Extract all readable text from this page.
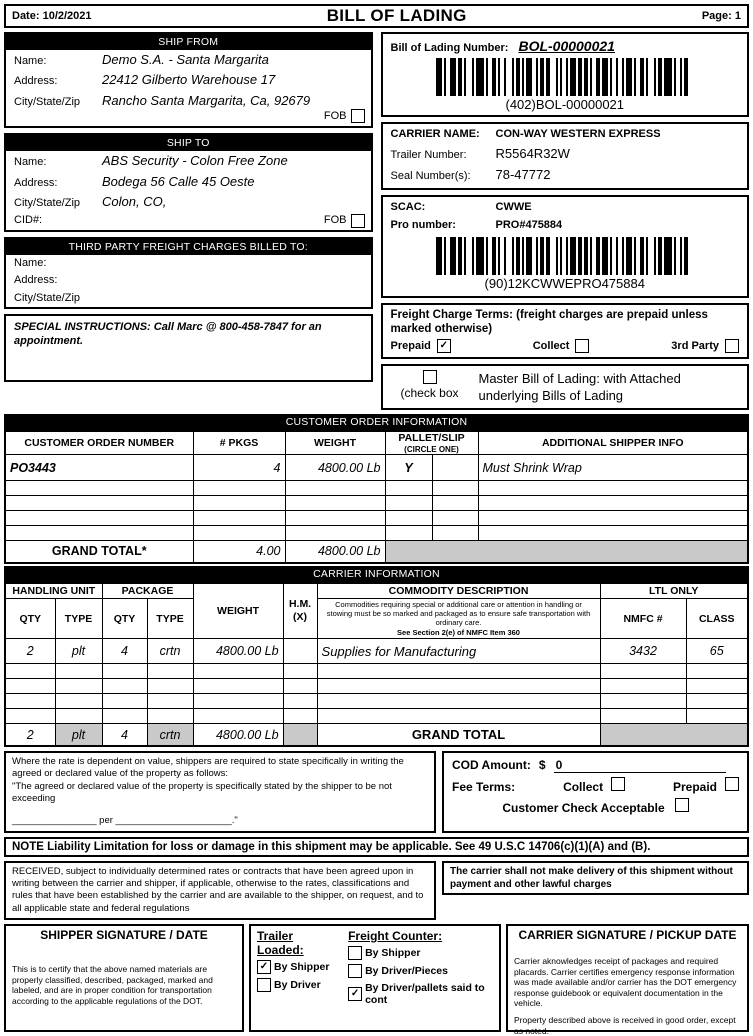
Date: 10/2/2021	BILL OF LADING	Page: 1
SHIP FROM
Name:	Demo S.A. - Santa Margarita
Address:	22412 Gilberto Warehouse 17
City/State/Zip	Rancho Santa Margarita, Ca, 92679
FOB
SHIP TO
Name:	ABS Security - Colon Free Zone
Address:	Bodega 56 Calle 45 Oeste
City/State/Zip	Colon, CO,
CID#:	FOB
THIRD PARTY FREIGHT CHARGES BILLED TO:
Name:
Address:
City/State/Zip
SPECIAL INSTRUCTIONS: Call Marc @ 800-458-7847 for an appointment.
Bill of Lading Number: BOL-00000021
(402)BOL-00000021
CARRIER NAME:	CON-WAY WESTERN EXPRESS
Trailer Number:	R5564R32W
Seal Number(s):	78-47772
SCAC:	CWWE
Pro number:	PRO#475884
(90)12KCWWEPRO475884
Freight Charge Terms: (freight charges are prepaid unless marked otherwise)
Prepaid ✓	Collect	3rd Party
(check box
Master Bill of Lading: with Attached underlying Bills of Lading
CUSTOMER ORDER INFORMATION
CUSTOMER ORDER NUMBER	# PKGS	WEIGHT	PALLET/SLIP
(CIRCLE ONE)		ADDITIONAL SHIPPER INFO
PO3443	4	4800.00 Lb	Y		Must Shrink Wrap

GRAND TOTAL*	4.00	4800.00 Lb			
CARRIER INFORMATION
HANDLING UNIT		PACKAGE		WEIGHT	H.M.
(X)	COMMODITY DESCRIPTION	LTL ONLY	
QTY	TYPE	QTY	TYPE			Commodities requiring special or additional care or attention in handling or stowing must be so marked and packaged as to ensure safe transportation with ordinary care.
See Section 2(e) of NMFC Item 360	NMFC #	CLASS
2	plt	4	crtn	4800.00 Lb		Supplies for Manufacturing	3432	65

2	plt	4	crtn	4800.00 Lb		GRAND TOTAL		
Where the rate is dependent on value, shippers are required to state specifically in writing the agreed or declared value of the property as follows:
"The agreed or declared value of the property is specifically stated by the shipper to be not exceeding
________________ per ______________________."
COD Amount: $ 0
Fee Terms:	Collect	Prepaid
Customer Check Acceptable
NOTE Liability Limitation for loss or damage in this shipment may be applicable. See 49 U.S.C 14706(c)(1)(A) and (B).
RECEIVED, subject to individually determined rates or contracts that have been agreed upon in writing between the carrier and shipper, if applicable, otherwise to the rates, classifications and rules that have been established by the carrier and are available to the shipper, on request, and to all applicable state and federal regulations
The carrier shall not make delivery of this shipment without payment and other lawful charges
SHIPPER SIGNATURE / DATE
This is to certify that the above named materials are properly classified, described, packaged, marked and labeled, and are in proper condition for transportation according to the applicable regulations of the DOT.
Trailer Loaded:
✓ By Shipper
By Driver
Freight Counter:
By Shipper
By Driver/Pieces
✓ By Driver/pallets said to cont
CARRIER SIGNATURE / PICKUP DATE
Carrier aknowledges receipt of packages and required placards. Carrier certifies emergency response information was made available and/or carrier has the DOT emergency response guidebook or equivalent documentation in the vehicle.
Property described above is received in good order, except as noted.
